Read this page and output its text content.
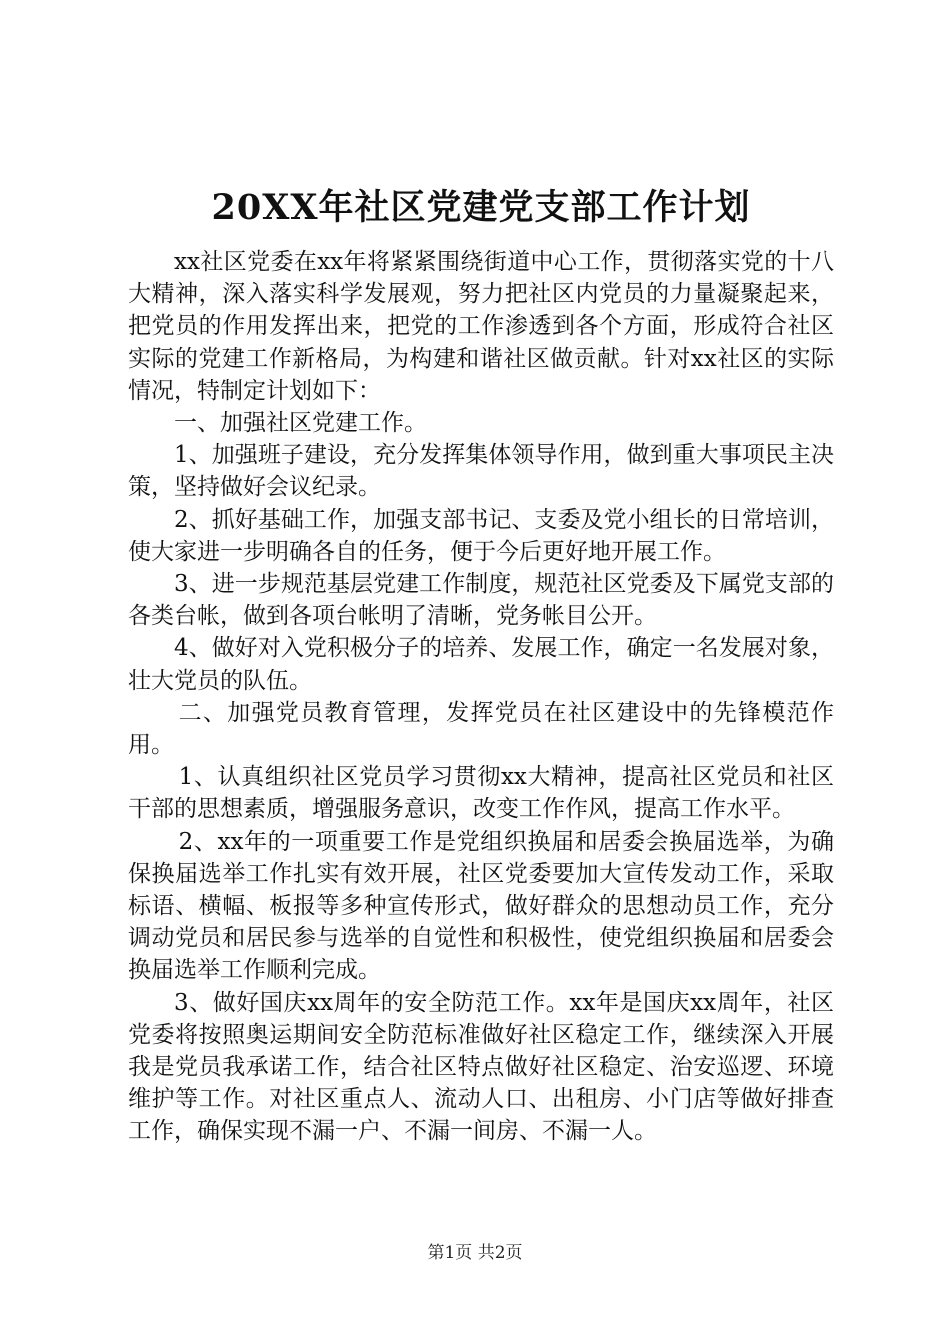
20XX年社区党建党支部工作计划

xx社区党委在xx年将紧紧围绕街道中心工作，贯彻落实党的十八大精神，深入落实科学发展观，努力把社区内党员的力量凝聚起来，把党员的作用发挥出来，把党的工作渗透到各个方面，形成符合社区实际的党建工作新格局，为构建和谐社区做贡献。针对xx社区的实际情况，特制定计划如下：

一、加强社区党建工作。

1、加强班子建设，充分发挥集体领导作用，做到重大事项民主决策，坚持做好会议纪录。

2、抓好基础工作，加强支部书记、支委及党小组长的日常培训，使大家进一步明确各自的任务，便于今后更好地开展工作。

3、进一步规范基层党建工作制度，规范社区党委及下属党支部的各类台帐，做到各项台帐明了清晰，党务帐目公开。

4、做好对入党积极分子的培养、发展工作，确定一名发展对象，壮大党员的队伍。

二、加强党员教育管理，发挥党员在社区建设中的先锋模范作用。

1、认真组织社区党员学习贯彻xx大精神，提高社区党员和社区干部的思想素质，增强服务意识，改变工作作风，提高工作水平。

2、xx年的一项重要工作是党组织换届和居委会换届选举，为确保换届选举工作扎实有效开展，社区党委要加大宣传发动工作，采取标语、横幅、板报等多种宣传形式，做好群众的思想动员工作，充分调动党员和居民参与选举的自觉性和积极性，使党组织换届和居委会换届选举工作顺利完成。

3、做好国庆xx周年的安全防范工作。xx年是国庆xx周年，社区党委将按照奥运期间安全防范标准做好社区稳定工作，继续深入开展我是党员我承诺工作，结合社区特点做好社区稳定、治安巡逻、环境维护等工作。对社区重点人、流动人口、出租房、小门店等做好排查工作，确保实现不漏一户、不漏一间房、不漏一人。

第1页 共2页
